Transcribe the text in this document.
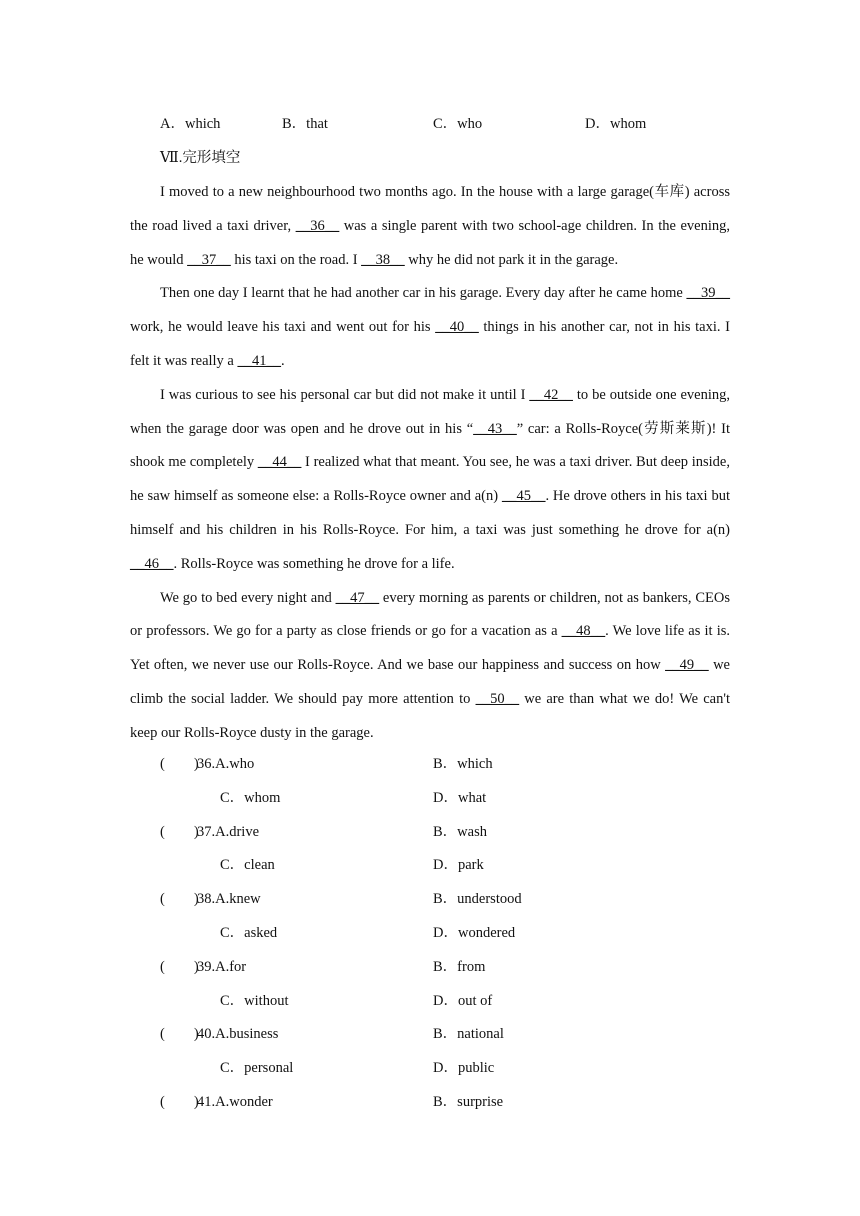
A．which	B．that	C．who	D．whom
Ⅶ.完形填空

I moved to a new neighbourhood two months ago. In the house with a large garage(车库) across the road lived a taxi driver, __36__ was a single parent with two school-age children. In the evening, he would __37__ his taxi on the road. I __38__ why he did not park it in the garage.

Then one day I learnt that he had another car in his garage. Every day after he came home __39__ work, he would leave his taxi and went out for his __40__ things in his another car, not in his taxi. I felt it was really a __41__.

I was curious to see his personal car but did not make it until I __42__ to be outside one evening, when the garage door was open and he drove out in his “__43__” car: a Rolls-Royce(劳斯莱斯)! It shook me completely __44__ I realized what that meant. You see, he was a taxi driver. But deep inside, he saw himself as someone else: a Rolls-Royce owner and a(n) __45__. He drove others in his taxi but himself and his children in his Rolls-Royce. For him, a taxi was just something he drove for a(n) __46__. Rolls-Royce was something he drove for a life.

We go to bed every night and __47__ every morning as parents or children, not as bankers, CEOs or professors. We go for a party as close friends or go for a vacation as a __48__. We love life as it is. Yet often, we never use our Rolls-Royce. And we base our happiness and success on how __49__ we climb the social ladder. We should pay more attention to __50__ we are than what we do! We can't keep our Rolls-Royce dusty in the garage.

(　　)
36.A.who	B．which
C．whom	D．what
(　　)
37.A.drive	B．wash
C．clean	D．park
(　　)
38.A.knew	B．understood
C．asked	D．wondered
(　　)
39.A.for	B．from
C．without	D．out of
(　　)
40.A.business	B．national
C．personal	D．public
(　　)
41.A.wonder	B．surprise
